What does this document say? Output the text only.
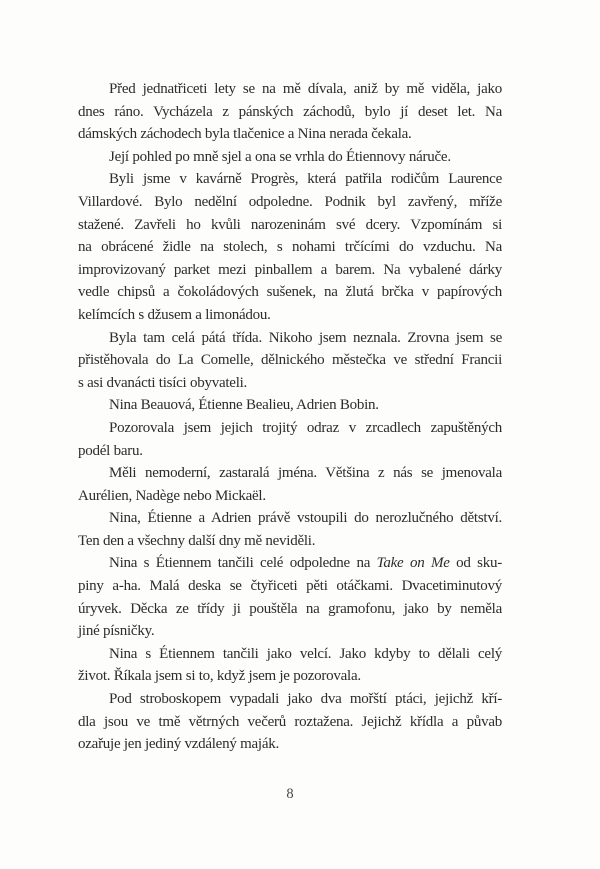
Před jednatřiceti lety se na mě dívala, aniž by mě viděla, jako
dnes ráno. Vycházela z pánských záchodů, bylo jí deset let. Na
dámských záchodech byla tlačenice a Nina nerada čekala.
Její pohled po mně sjel a ona se vrhla do Étiennovy náruče.
Byli jsme v kavárně Progrès, která patřila rodičům Laurence
Villardové. Bylo nedělní odpoledne. Podnik byl zavřený, mříže
stažené. Zavřeli ho kvůli narozeninám své dcery. Vzpomínám si
na obrácené židle na stolech, s nohami trčícími do vzduchu. Na
improvizovaný parket mezi pinballem a barem. Na vybalené dárky
vedle chipsů a čokoládových sušenek, na žlutá brčka v papírových
kelímcích s džusem a limonádou.
Byla tam celá pátá třída. Nikoho jsem neznala. Zrovna jsem se
přistěhovala do La Comelle, dělnického městečka ve střední Francii
s asi dvanácti tisíci obyvateli.
Nina Beauová, Étienne Bealieu, Adrien Bobin.
Pozorovala jsem jejich trojitý odraz v zrcadlech zapuštěných
podél baru.
Měli nemoderní, zastaralá jména. Většina z nás se jmenovala
Aurélien, Nadège nebo Mickaël.
Nina, Étienne a Adrien právě vstoupili do nerozlučného dětství.
Ten den a všechny další dny mě neviděli.
Nina s Étiennem tančili celé odpoledne na Take on Me od sku-
piny a-ha. Malá deska se čtyřiceti pěti otáčkami. Dvacetiminutový
úryvek. Děcka ze třídy ji pouštěla na gramofonu, jako by neměla
jiné písničky.
Nina s Étiennem tančili jako velcí. Jako kdyby to dělali celý
život. Říkala jsem si to, když jsem je pozorovala.
Pod stroboskopem vypadali jako dva mořští ptáci, jejichž kří-
dla jsou ve tmě větrných večerů roztažena. Jejichž křídla a půvab
ozařuje jen jediný vzdálený maják.
8
